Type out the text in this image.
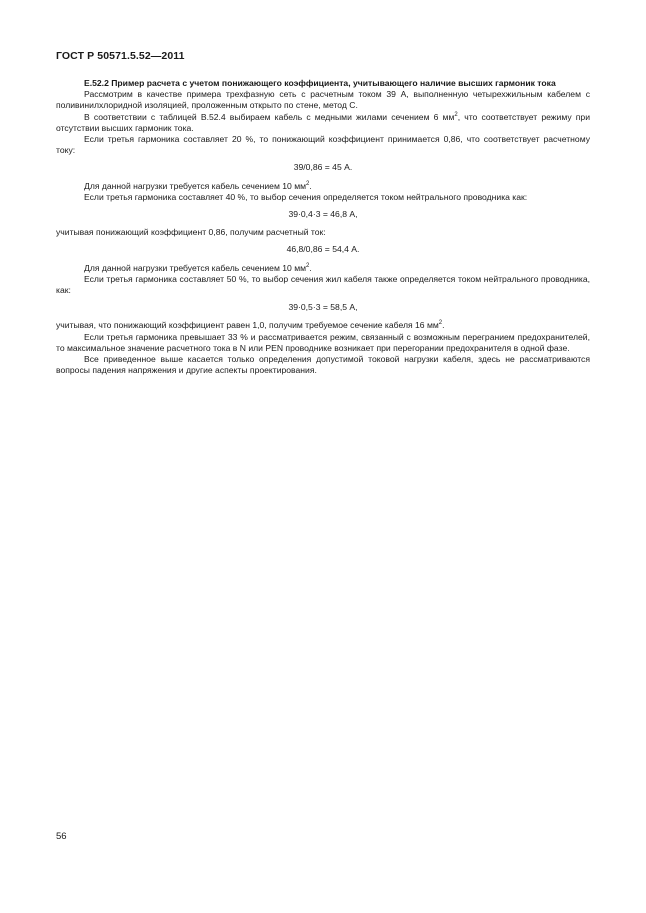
ГОСТ Р 50571.5.52—2011

E.52.2 Пример расчета с учетом понижающего коэффициента, учитывающего наличие высших гармоник тока

Рассмотрим в качестве примера трехфазную сеть с расчетным током 39 А, выполненную четырехжильным кабелем с поливинилхлоридной изоляцией, проложенным открыто по стене, метод С.

В соответствии с таблицей B.52.4 выбираем кабель с медными жилами сечением 6 $мм^2$, что соответствует режиму при отсутствии высших гармоник тока.

Если третья гармоника составляет 20 %, то понижающий коэффициент принимается 0,86, что соответствует расчетному току:

39/0,86 = 45 А.

Для данной нагрузки требуется кабель сечением 10 $мм^2$.

Если третья гармоника составляет 40 %, то выбор сечения определяется током нейтрального проводника как:

39·0,4·3 = 46,8 А,

учитывая понижающий коэффициент 0,86, получим расчетный ток:

46,8/0,86 = 54,4 А.

Для данной нагрузки требуется кабель сечением 10 $мм^2$.

Если третья гармоника составляет 50 %, то выбор сечения жил кабеля также определяется током нейтрального проводника, как:

39·0,5·3 = 58,5 А,

учитывая, что понижающий коэффициент равен 1,0, получим требуемое сечение кабеля 16 $мм^2$.

Если третья гармоника превышает 33 % и рассматривается режим, связанный с возможным перегранием предохранителей, то максимальное значение расчетного тока в N или PEN проводнике возникает при перегорании предохранителя в одной фазе.

Все приведенное выше касается только определения допустимой токовой нагрузки кабеля, здесь не рассматриваются вопросы падения напряжения и другие аспекты проектирования.

56
